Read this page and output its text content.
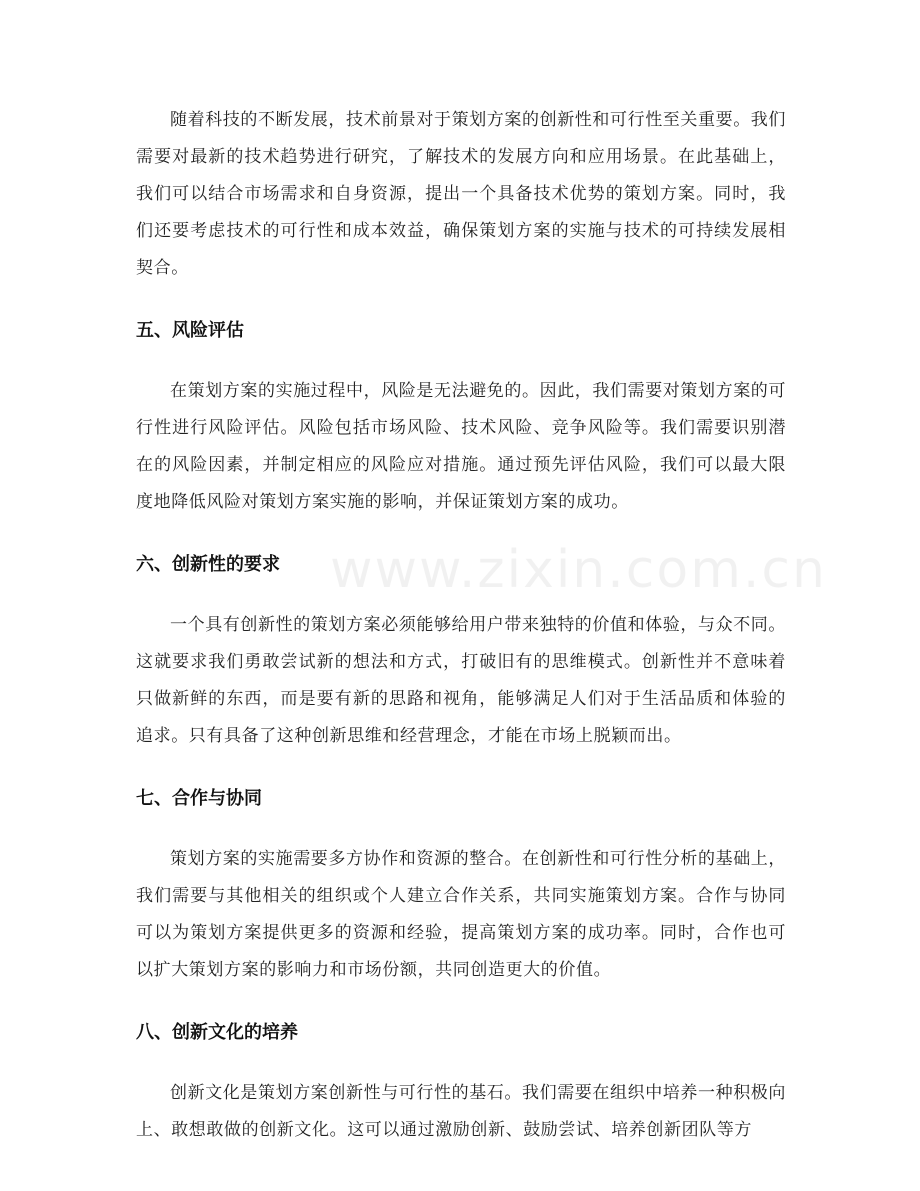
随着科技的不断发展，技术前景对于策划方案的创新性和可行性至关重要。我们需要对最新的技术趋势进行研究，了解技术的发展方向和应用场景。在此基础上，我们可以结合市场需求和自身资源，提出一个具备技术优势的策划方案。同时，我们还要考虑技术的可行性和成本效益，确保策划方案的实施与技术的可持续发展相契合。

五、风险评估

在策划方案的实施过程中，风险是无法避免的。因此，我们需要对策划方案的可行性进行风险评估。风险包括市场风险、技术风险、竞争风险等。我们需要识别潜在的风险因素，并制定相应的风险应对措施。通过预先评估风险，我们可以最大限度地降低风险对策划方案实施的影响，并保证策划方案的成功。

六、创新性的要求

一个具有创新性的策划方案必须能够给用户带来独特的价值和体验，与众不同。这就要求我们勇敢尝试新的想法和方式，打破旧有的思维模式。创新性并不意味着只做新鲜的东西，而是要有新的思路和视角，能够满足人们对于生活品质和体验的追求。只有具备了这种创新思维和经营理念，才能在市场上脱颖而出。

七、合作与协同

策划方案的实施需要多方协作和资源的整合。在创新性和可行性分析的基础上，我们需要与其他相关的组织或个人建立合作关系，共同实施策划方案。合作与协同可以为策划方案提供更多的资源和经验，提高策划方案的成功率。同时，合作也可以扩大策划方案的影响力和市场份额，共同创造更大的价值。

八、创新文化的培养

创新文化是策划方案创新性与可行性的基石。我们需要在组织中培养一种积极向上、敢想敢做的创新文化。这可以通过激励创新、鼓励尝试、培养创新团队等方

www.zixin.com.cn
